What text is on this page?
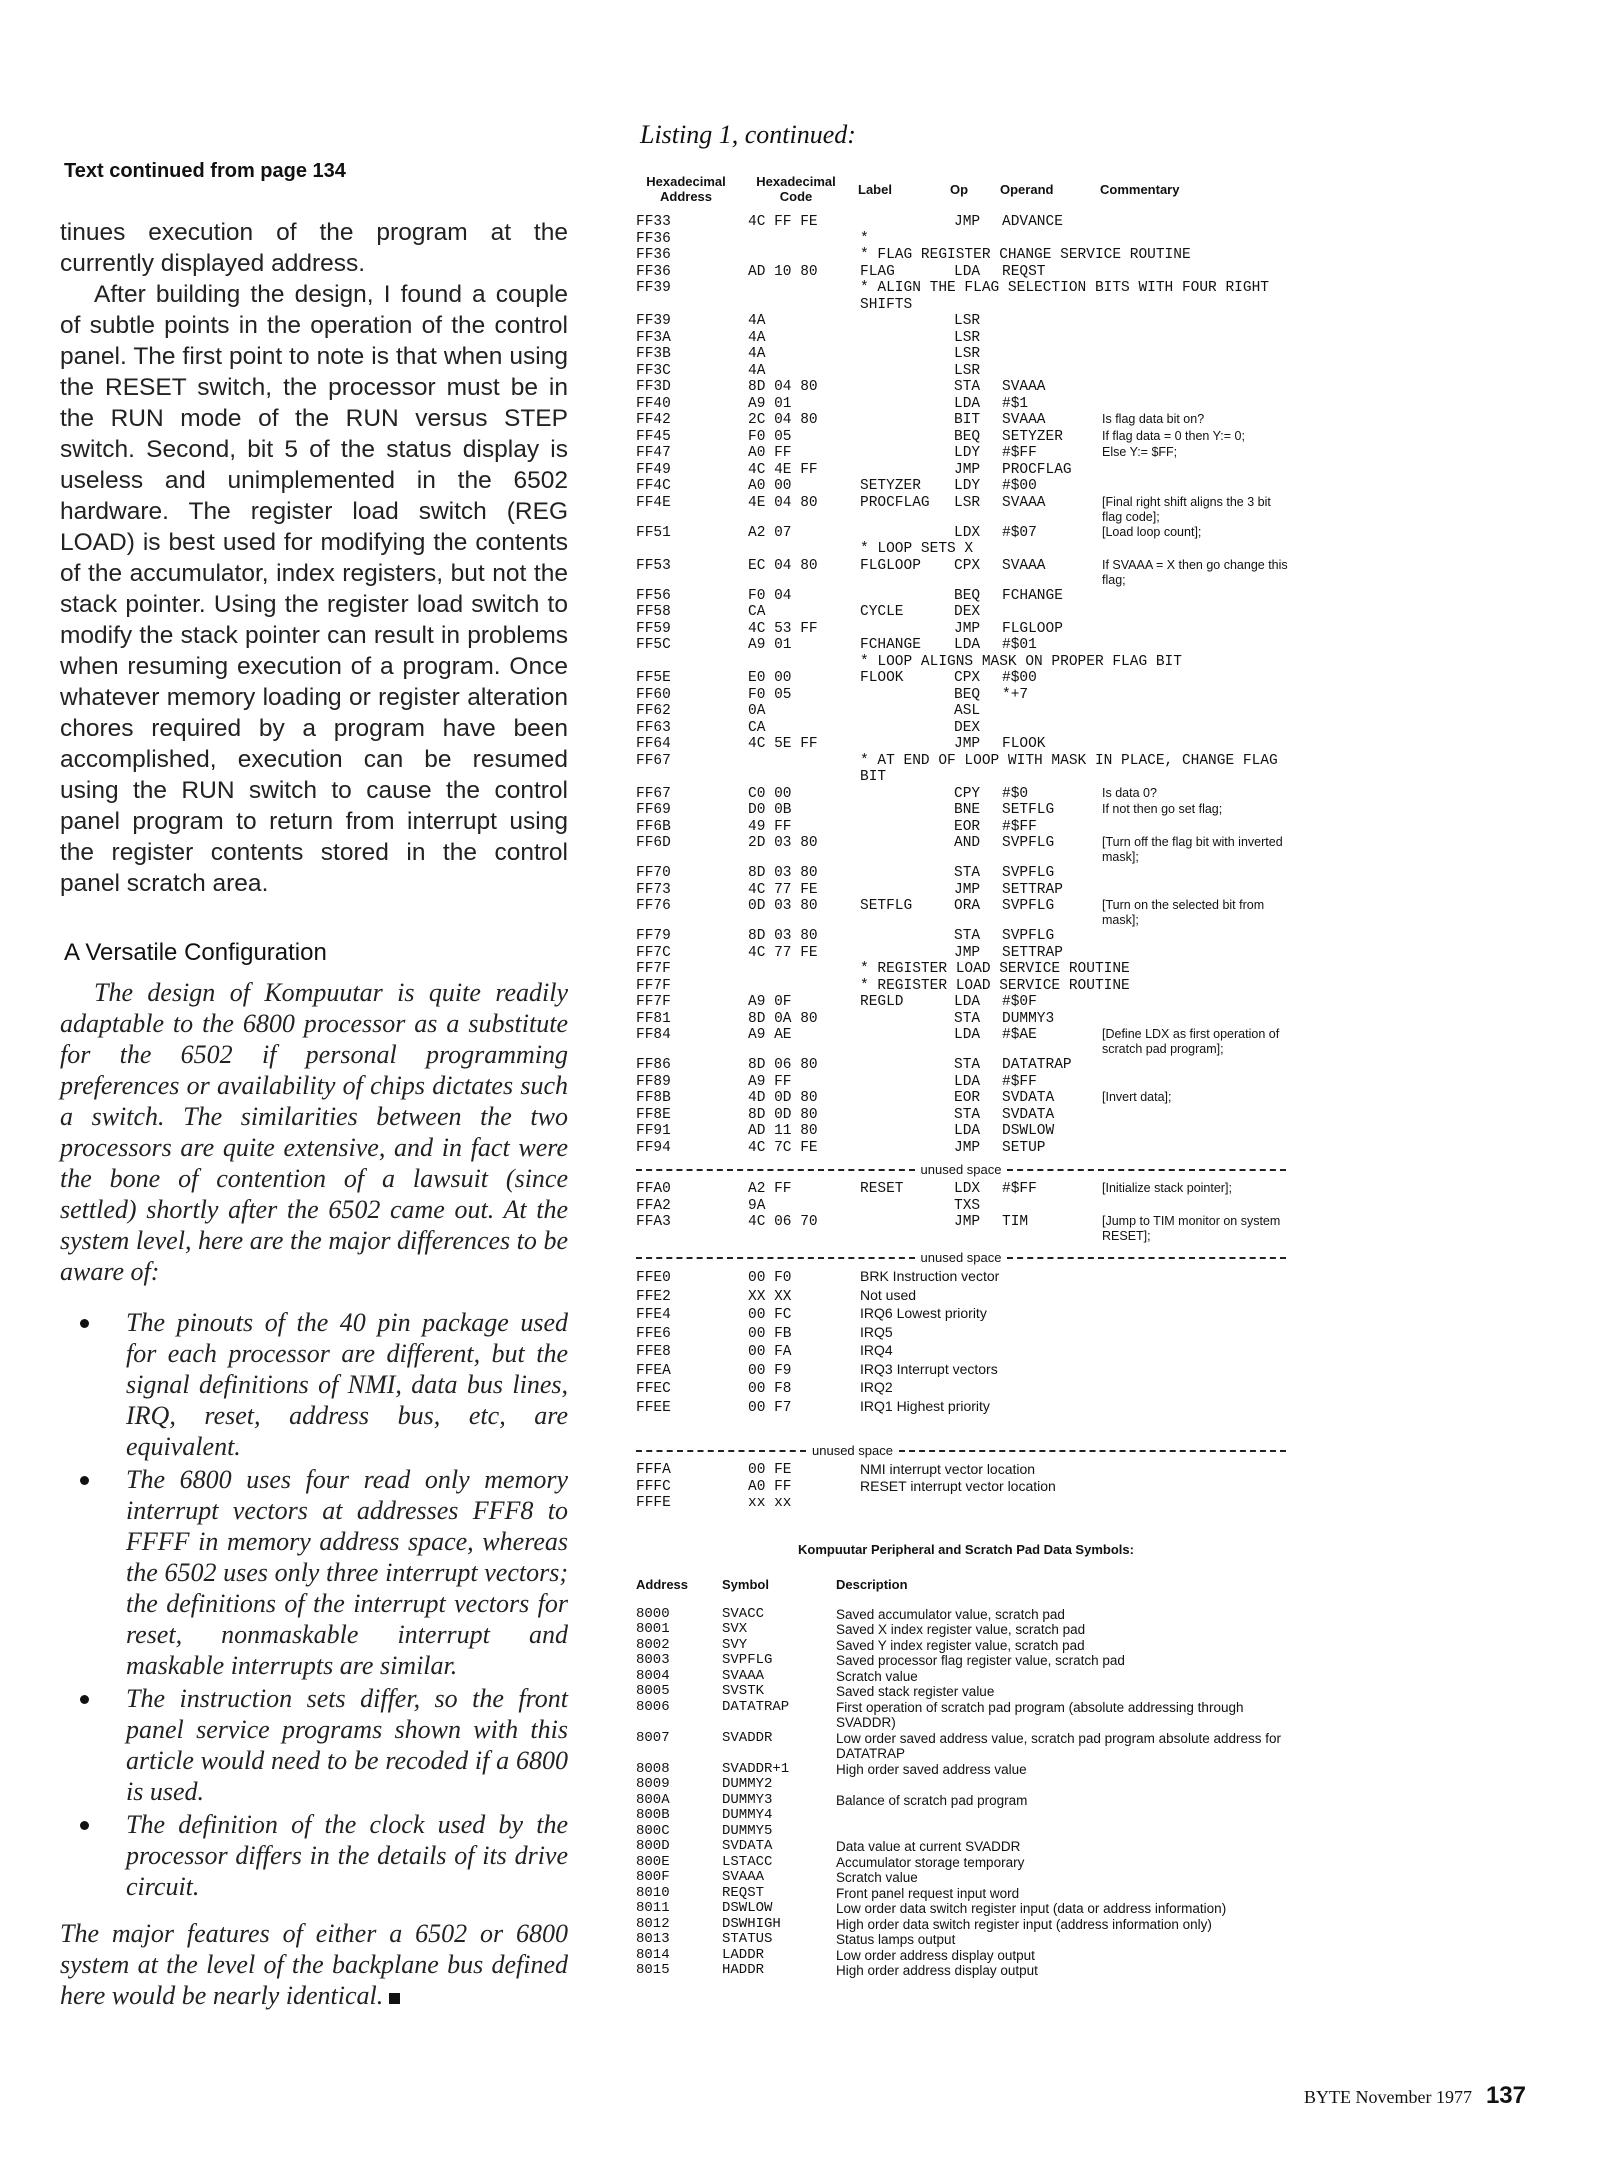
Text continued from page 134

tinues execution of the program at the currently displayed address.

After building the design, I found a couple of subtle points in the operation of the control panel. The first point to note is that when using the RESET switch, the processor must be in the RUN mode of the RUN versus STEP switch. Second, bit 5 of the status display is useless and unimplemented in the 6502 hardware. The register load switch (REG LOAD) is best used for modifying the contents of the accumulator, index registers, but not the stack pointer. Using the register load switch to modify the stack pointer can result in problems when resuming execution of a program. Once whatever memory loading or register alteration chores required by a program have been accomplished, execution can be resumed using the RUN switch to cause the control panel program to return from interrupt using the register contents stored in the control panel scratch area.

A Versatile Configuration

The design of Kompuutar is quite readily adaptable to the 6800 processor as a substitute for the 6502 if personal programming preferences or availability of chips dictates such a switch. The similarities between the two processors are quite extensive, and in fact were the bone of contention of a lawsuit (since settled) shortly after the 6502 came out. At the system level, here are the major differences to be aware of:

The pinouts of the 40 pin package used for each processor are different, but the signal definitions of NMI, data bus lines, IRQ, reset, address bus, etc, are equivalent.
The 6800 uses four read only memory interrupt vectors at addresses FFF8 to FFFF in memory address space, whereas the 6502 uses only three interrupt vectors; the definitions of the interrupt vectors for reset, nonmaskable interrupt and maskable interrupts are similar.
The instruction sets differ, so the front panel service programs shown with this article would need to be recoded if a 6800 is used.
The definition of the clock used by the processor differs in the details of its drive circuit.

The major features of either a 6502 or 6800 system at the level of the backplane bus defined here would be nearly identical.

Listing 1, continued:
Hexadecimal Address
Hexadecimal Code	Label	Op Operand	Commentary
FF33	4C FF FE		JMP	ADVANCE	
FF36		*			
FF36		* FLAG REGISTER CHANGE SERVICE ROUTINE			
FF36	AD 10 80	FLAG	LDA	REQST	
FF39		* ALIGN THE FLAG SELECTION BITS WITH FOUR RIGHT SHIFTS			
FF39	4A		LSR		
FF3A	4A		LSR		
FF3B	4A		LSR		
FF3C	4A		LSR		
FF3D	8D 04 80		STA	SVAAA	
FF40	A9 01		LDA	#$1	
FF42	2C 04 80		BIT	SVAAA	Is flag data bit on?
FF45	F0 05		BEQ	SETYZER	If flag data = 0 then Y:= 0;
FF47	A0 FF		LDY	#$FF	Else Y:= $FF;
FF49	4C 4E FF		JMP	PROCFLAG	
FF4C	A0 00	SETYZER	LDY	#$00	
FF4E	4E 04 80	PROCFLAG	LSR	SVAAA	[Final right shift aligns the 3 bit flag code];
FF51	A2 07		LDX	#$07	[Load loop count];
		* LOOP SETS X			
FF53	EC 04 80	FLGLOOP	CPX	SVAAA	If SVAAA = X then go change this flag;
FF56	F0 04		BEQ	FCHANGE	
FF58	CA	CYCLE	DEX		
FF59	4C 53 FF		JMP	FLGLOOP	
FF5C	A9 01	FCHANGE	LDA	#$01	
		* LOOP ALIGNS MASK ON PROPER FLAG BIT			
FF5E	E0 00	FLOOK	CPX	#$00	
FF60	F0 05		BEQ	*+7	
FF62	0A		ASL		
FF63	CA		DEX		
FF64	4C 5E FF		JMP	FLOOK	
FF67		* AT END OF LOOP WITH MASK IN PLACE, CHANGE FLAG BIT			
FF67	C0 00		CPY	#$0	Is data 0?
FF69	D0 0B		BNE	SETFLG	If not then go set flag;
FF6B	49 FF		EOR	#$FF	
FF6D	2D 03 80		AND	SVPFLG	[Turn off the flag bit with inverted mask];
FF70	8D 03 80		STA	SVPFLG	
FF73	4C 77 FE		JMP	SETTRAP	
FF76	0D 03 80	SETFLG	ORA	SVPFLG	[Turn on the selected bit from mask];
FF79	8D 03 80		STA	SVPFLG	
FF7C	4C 77 FE		JMP	SETTRAP	
FF7F		* REGISTER LOAD SERVICE ROUTINE			
FF7F		* REGISTER LOAD SERVICE ROUTINE			
FF7F	A9 0F	REGLD	LDA	#$0F	
FF81	8D 0A 80		STA	DUMMY3	
FF84	A9 AE		LDA	#$AE	[Define LDX as first operation of scratch pad program];
FF86	8D 06 80		STA	DATATRAP	
FF89	A9 FF		LDA	#$FF	
FF8B	4D 0D 80		EOR	SVDATA	[Invert data];
FF8E	8D 0D 80		STA	SVDATA	
FF91	AD 11 80		LDA	DSWLOW	
FF94	4C 7C FE		JMP	SETUP	
unused space
FFA0	A2 FF	RESET	LDX	#$FF	[Initialize stack pointer];
FFA2	9A		TXS		
FFA3	4C 06 70		JMP	TIM	[Jump to TIM monitor on system RESET];
unused space
FFE0	00 F0	BRK Instruction vector
FFE2	XX XX	Not used
FFE4	00 FC	IRQ6 Lowest priority
FFE6	00 FB	IRQ5
FFE8	00 FA	IRQ4
FFEA	00 F9	IRQ3 Interrupt vectors
FFEC	00 F8	IRQ2
FFEE	00 F7	IRQ1 Highest priority
unused space
FFFA	00 FE	NMI interrupt vector location
FFFC	A0 FF	RESET interrupt vector location
FFFE	xx xx	
Kompuutar Peripheral and Scratch Pad Data Symbols:
Address	Symbol	Description
8000	SVACC	Saved accumulator value, scratch pad
8001	SVX	Saved X index register value, scratch pad
8002	SVY	Saved Y index register value, scratch pad
8003	SVPFLG	Saved processor flag register value, scratch pad
8004	SVAAA	Scratch value
8005	SVSTK	Saved stack register value
8006	DATATRAP	First operation of scratch pad program (absolute addressing through SVADDR)
8007	SVADDR	Low order saved address value, scratch pad program absolute address for DATATRAP
8008	SVADDR+1	High order saved address value
8009	DUMMY2	
800A	DUMMY3	Balance of scratch pad program
800B	DUMMY4	
800C	DUMMY5	
800D	SVDATA	Data value at current SVADDR
800E	LSTACC	Accumulator storage temporary
800F	SVAAA	Scratch value
8010	REQST	Front panel request input word
8011	DSWLOW	Low order data switch register input (data or address information)
8012	DSWHIGH	High order data switch register input (address information only)
8013	STATUS	Status lamps output
8014	LADDR	Low order address display output
8015	HADDR	High order address display output
BYTE November 1977 137
